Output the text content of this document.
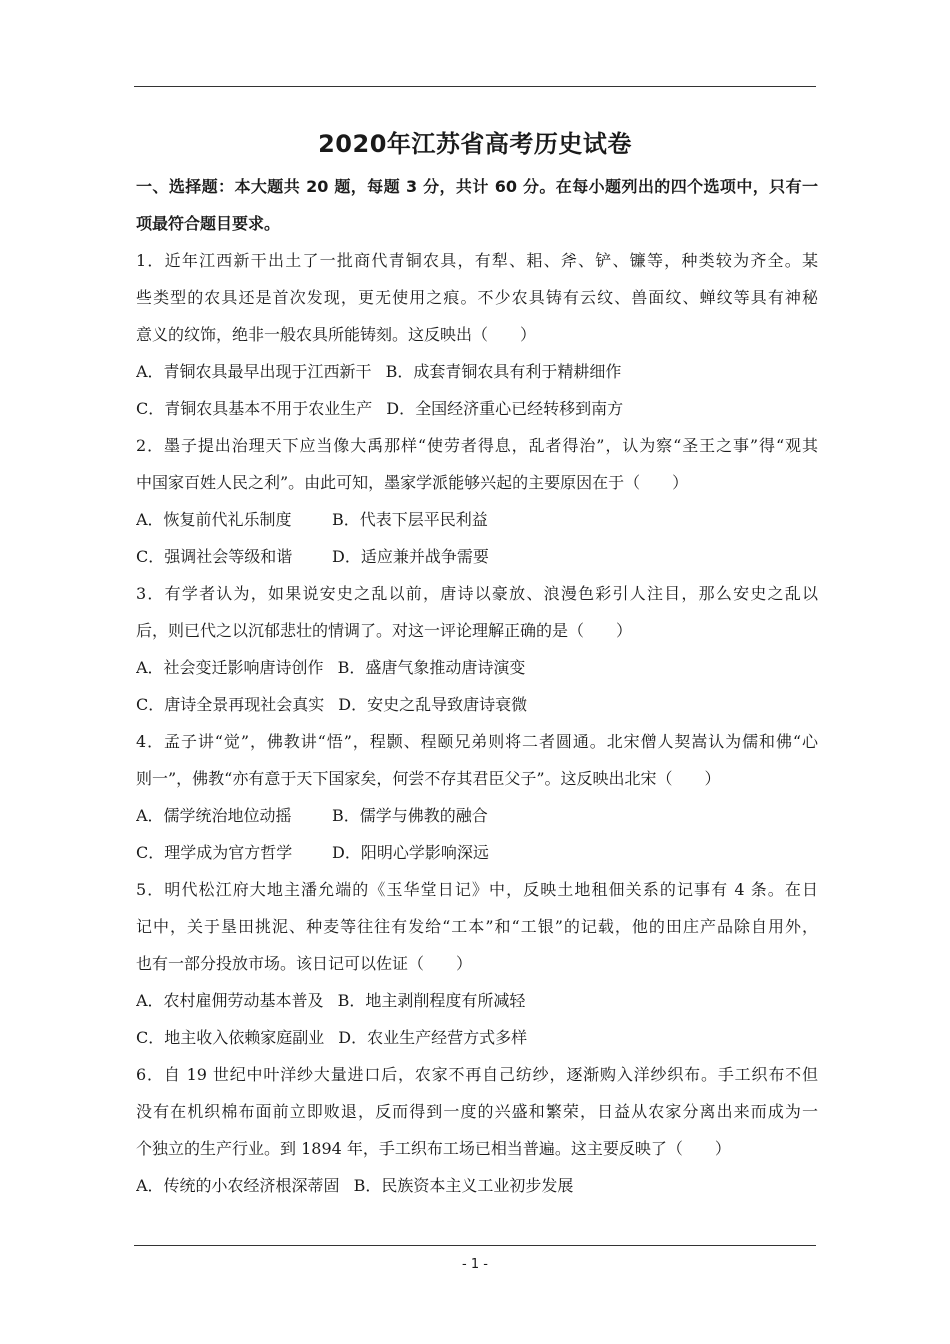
2020年江苏省高考历史试卷
一、选择题：本大题共 20 题，每题 3 分，共计 60 分。在每小题列出的四个选项中，只有一
项最符合题目要求。
1．近年江西新干出土了一批商代青铜农具，有犁、耜、斧、铲、镰等，种类较为齐全。某
些类型的农具还是首次发现，更无使用之痕。不少农具铸有云纹、兽面纹、蝉纹等具有神秘
意义的纹饰，绝非一般农具所能铸刻。这反映出（　　）
A．青铜农具最早出现于江西新干 B．成套青铜农具有利于精耕细作
C．青铜农具基本不用于农业生产 D．全国经济重心已经转移到南方
2．墨子提出治理天下应当像大禹那样“使劳者得息，乱者得治”，认为察“圣王之事”得“观其
中国家百姓人民之利”。由此可知，墨家学派能够兴起的主要原因在于（　　）
A．恢复前代礼乐制度	B．代表下层平民利益
C．强调社会等级和谐 D．适应兼并战争需要
3．有学者认为，如果说安史之乱以前，唐诗以豪放、浪漫色彩引人注目，那么安史之乱以
后，则已代之以沉郁悲壮的情调了。对这一评论理解正确的是（　　）
A．社会变迁影响唐诗创作 B．盛唐气象推动唐诗演变
C．唐诗全景再现社会真实 D．安史之乱导致唐诗衰微
4．孟子讲“觉”，佛教讲“悟”，程颢、程颐兄弟则将二者圆通。北宋僧人契嵩认为儒和佛“心
则一”，佛教“亦有意于天下国家矣，何尝不存其君臣父子”。这反映出北宋（　　）
A．儒学统治地位动摇	B．儒学与佛教的融合
C．理学成为官方哲学 D．阳明心学影响深远
5．明代松江府大地主潘允端的《玉华堂日记》中，反映土地租佃关系的记事有 4 条。在日
记中，关于垦田挑泥、种麦等往往有发给“工本”和“工银”的记载，他的田庄产品除自用外，
也有一部分投放市场。该日记可以佐证（　　）
A．农村雇佣劳动基本普及 B．地主剥削程度有所减轻
C．地主收入依赖家庭副业 D．农业生产经营方式多样
6．自 19 世纪中叶洋纱大量进口后，农家不再自己纺纱，逐渐购入洋纱织布。手工织布不但
没有在机织棉布面前立即败退，反而得到一度的兴盛和繁荣，日益从农家分离出来而成为一
个独立的生产行业。到 1894 年，手工织布工场已相当普遍。这主要反映了（　　）
A．传统的小农经济根深蒂固 B．民族资本主义工业初步发展
- 1 -
